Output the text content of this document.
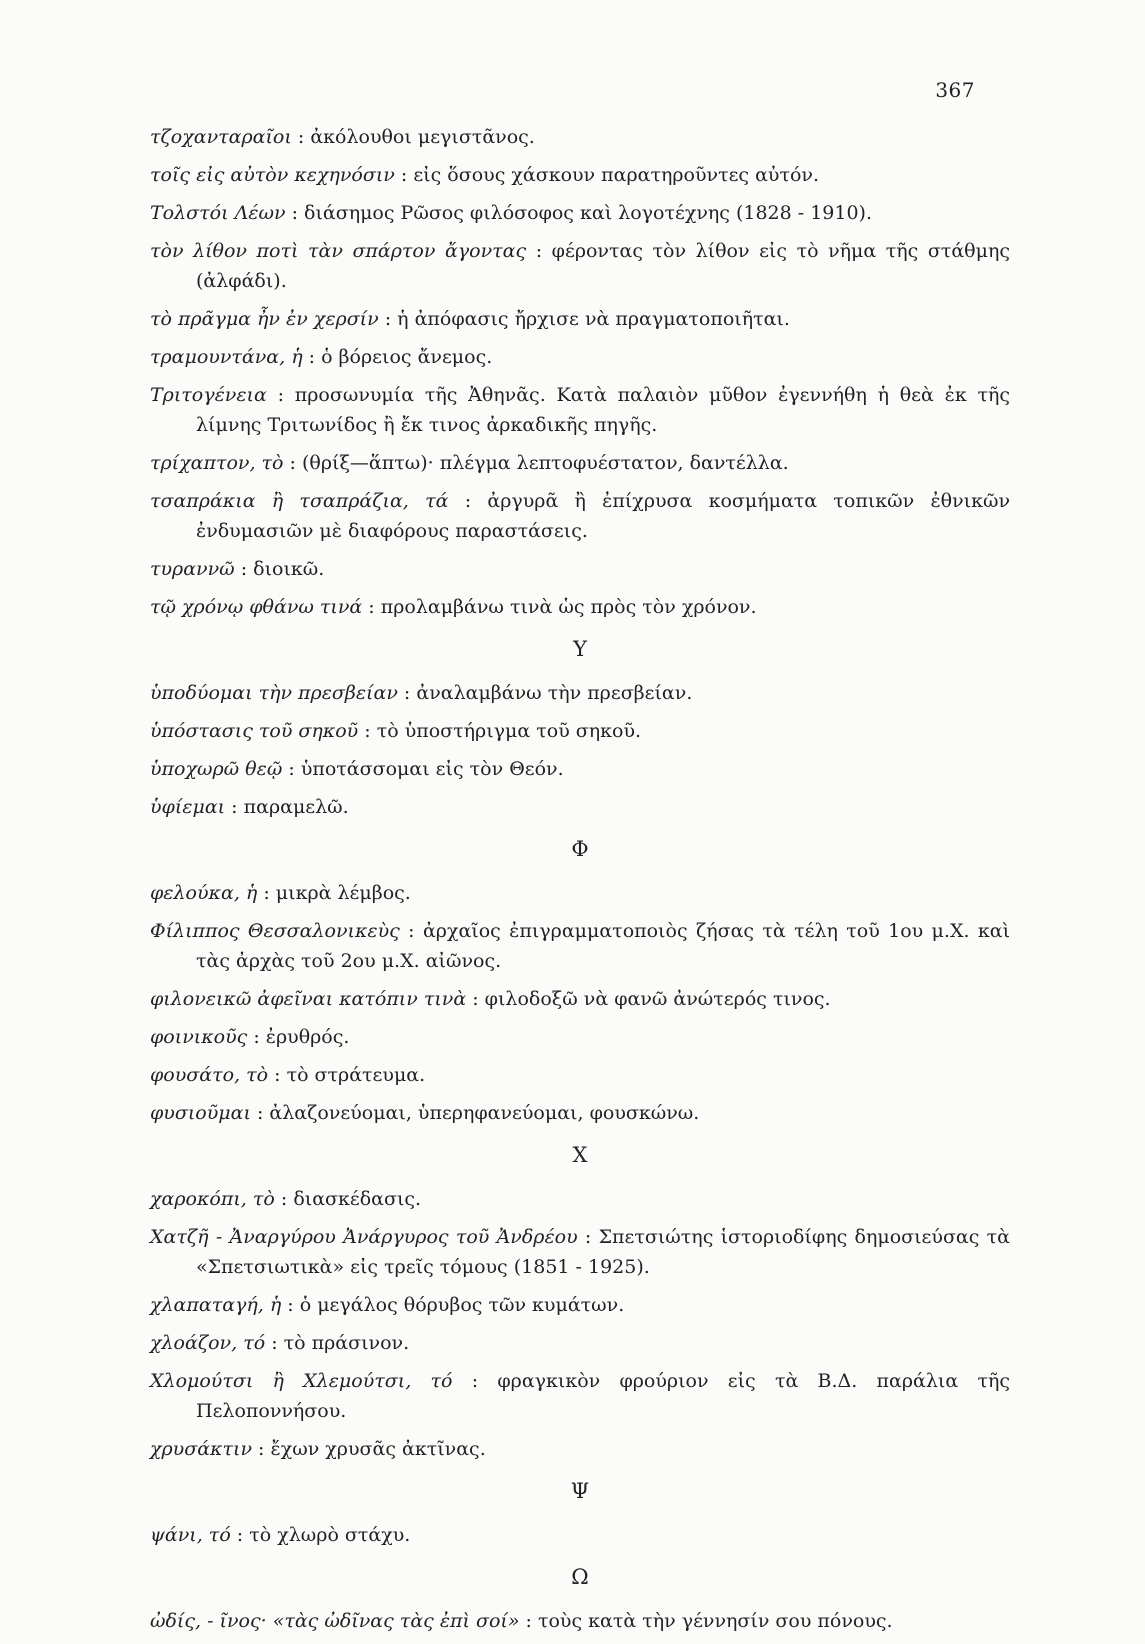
367

τζοχανταραῖοι : ἀκόλουθοι μεγιστᾶνος.

τοῖς εἰς αὐτὸν κεχηνόσιν : εἰς ὅσους χάσκουν παρατηροῦντες αὐτόν.

Τολστόι Λέων : διάσημος Ρῶσος φιλόσοφος καὶ λογοτέχνης (1828 - 1910).

τὸν λίθον ποτὶ τὰν σπάρτον ἄγοντας : φέροντας τὸν λίθον εἰς τὸ νῆμα τῆς στάθμης (ἀλφάδι).

τὸ πρᾶγμα ἦν ἐν χερσίν : ἡ ἀπόφασις ἤρχισε νὰ πραγματοποιῆται.

τραμουντάνα, ἡ : ὁ βόρειος ἄνεμος.

Τριτογένεια : προσωνυμία τῆς Ἀθηνᾶς. Κατὰ παλαιὸν μῦθον ἐγεννήθη ἡ θεὰ ἐκ τῆς λίμνης Τριτωνίδος ἢ ἔκ τινος ἀρκαδικῆς πηγῆς.

τρίχαπτον, τὸ : (θρίξ—ἅπτω)· πλέγμα λεπτοφυέστατον, δαντέλλα.

τσαπράκια ἢ τσαπράζια, τά : ἀργυρᾶ ἢ ἐπίχρυσα κοσμήματα τοπικῶν ἐθνικῶν ἐνδυμασιῶν μὲ διαφόρους παραστάσεις.

τυραννῶ : διοικῶ.

τῷ χρόνῳ φθάνω τινά : προλαμβάνω τινὰ ὡς πρὸς τὸν χρόνον.

Υ

ὑποδύομαι τὴν πρεσβείαν : ἀναλαμβάνω τὴν πρεσβείαν.

ὑπόστασις τοῦ σηκοῦ : τὸ ὑποστήριγμα τοῦ σηκοῦ.

ὑποχωρῶ θεῷ : ὑποτάσσομαι εἰς τὸν Θεόν.

ὑφίεμαι : παραμελῶ.

Φ

φελούκα, ἡ : μικρὰ λέμβος.

Φίλιππος Θεσσαλονικεὺς : ἀρχαῖος ἐπιγραμματοποιὸς ζήσας τὰ τέλη τοῦ 1ου μ.Χ. καὶ τὰς ἀρχὰς τοῦ 2ου μ.Χ. αἰῶνος.

φιλονεικῶ ἀφεῖναι κατόπιν τινὰ : φιλοδοξῶ νὰ φανῶ ἀνώτερός τινος.

φοινικοῦς : ἐρυθρός.

φουσάτο, τὸ : τὸ στράτευμα.

φυσιοῦμαι : ἀλαζονεύομαι, ὑπερηφανεύομαι, φουσκώνω.

Χ

χαροκόπι, τὸ : διασκέδασις.

Χατζῆ - Ἀναργύρου Ἀνάργυρος τοῦ Ἀνδρέου : Σπετσιώτης ἱστοριοδίφης δημοσιεύσας τὰ «Σπετσιωτικὰ» εἰς τρεῖς τόμους (1851 - 1925).

χλαπαταγή, ἡ : ὁ μεγάλος θόρυβος τῶν κυμάτων.

χλοάζον, τό : τὸ πράσινον.

Χλομούτσι ἢ Χλεμούτσι, τό : φραγκικὸν φρούριον εἰς τὰ Β.Δ. παράλια τῆς Πελοποννήσου.

χρυσάκτιν : ἔχων χρυσᾶς ἀκτῖνας.

Ψ

ψάνι, τό : τὸ χλωρὸ στάχυ.

Ω

ὠδίς, - ῖνος· «τὰς ὠδῖνας τὰς ἐπὶ σοί» : τοὺς κατὰ τὴν γέννησίν σου πόνους.
